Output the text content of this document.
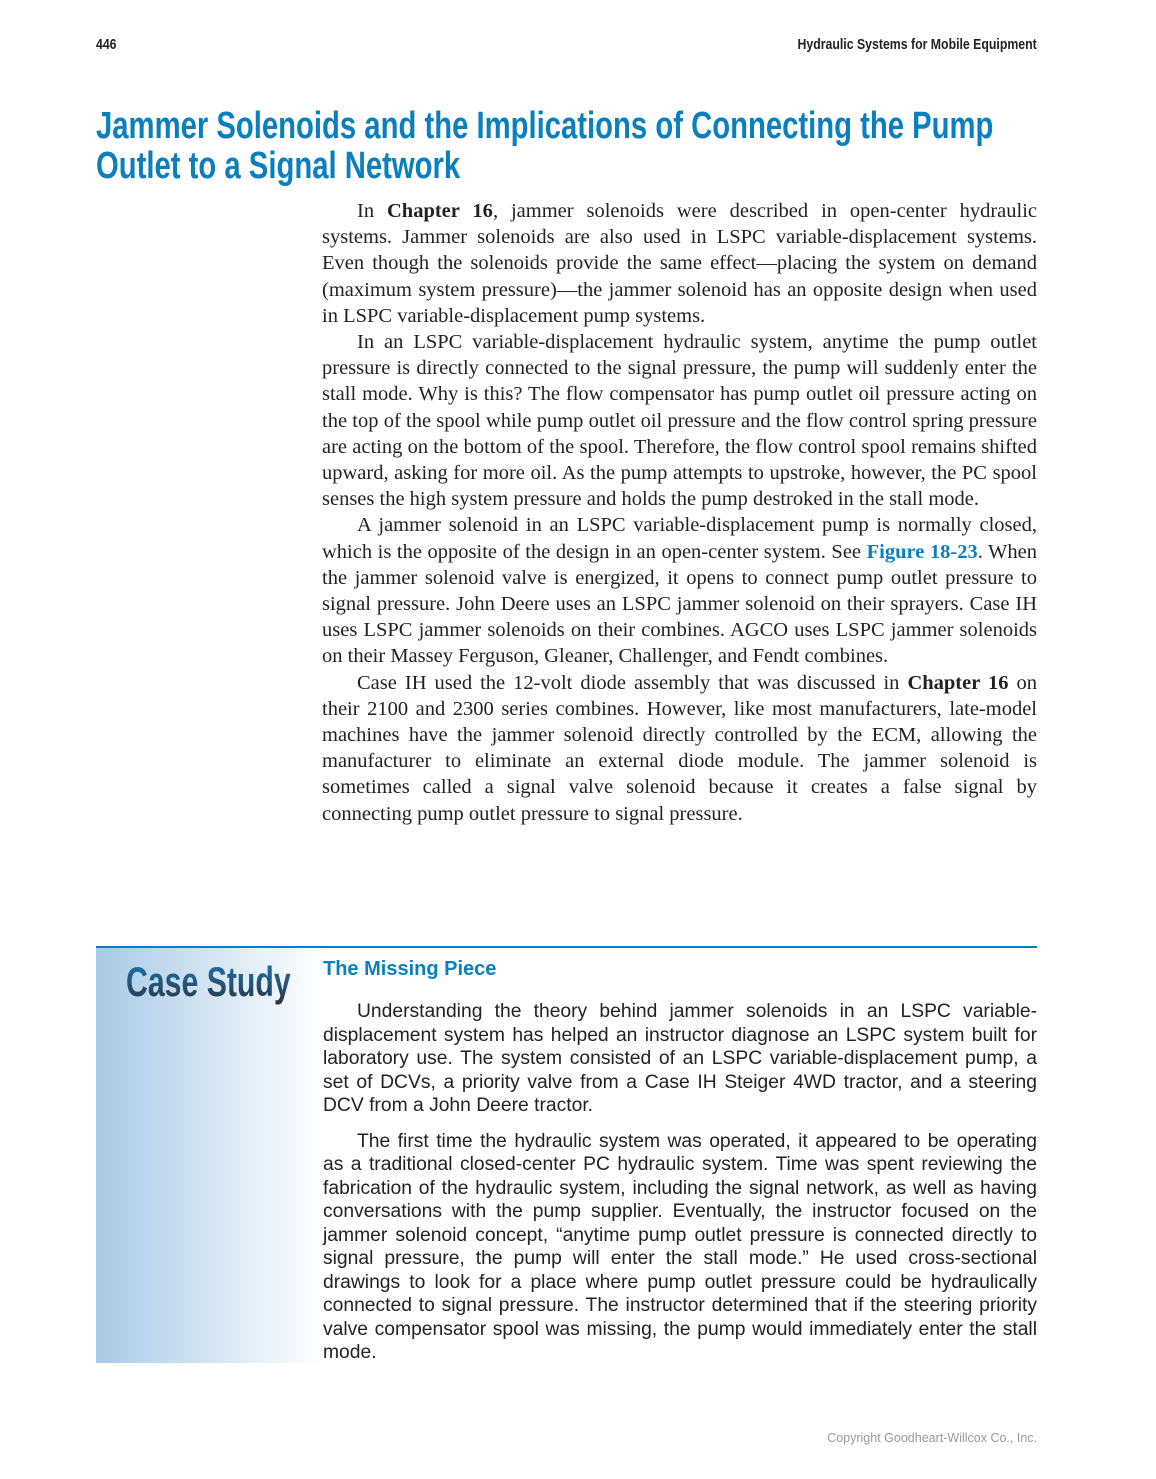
446	Hydraulic Systems for Mobile Equipment
Jammer Solenoids and the Implications of Connecting the Pump
Outlet to a Signal Network

In Chapter 16, jammer solenoids were described in open-center hydraulic systems. Jammer solenoids are also used in LSPC variable-displacement systems. Even though the solenoids provide the same effect—placing the system on demand (maximum system pressure)—the jammer solenoid has an opposite design when used in LSPC variable-displacement pump systems.

In an LSPC variable-displacement hydraulic system, anytime the pump outlet pressure is directly connected to the signal pressure, the pump will suddenly enter the stall mode. Why is this? The flow compensator has pump outlet oil pressure acting on the top of the spool while pump outlet oil pressure and the flow control spring pressure are acting on the bottom of the spool. Therefore, the flow control spool remains shifted upward, asking for more oil. As the pump attempts to upstroke, however, the PC spool senses the high system pressure and holds the pump destroked in the stall mode.

A jammer solenoid in an LSPC variable-displacement pump is normally closed, which is the opposite of the design in an open-center system. See Figure 18-23. When the jammer solenoid valve is energized, it opens to connect pump outlet pressure to signal pressure. John Deere uses an LSPC jammer solenoid on their sprayers. Case IH uses LSPC jammer solenoids on their combines. AGCO uses LSPC jammer solenoids on their Massey Ferguson, Gleaner, Challenger, and Fendt combines.

Case IH used the 12-volt diode assembly that was discussed in Chapter 16 on their 2100 and 2300 series combines. However, like most manufacturers, late-model machines have the jammer solenoid directly controlled by the ECM, allowing the manufacturer to eliminate an external diode module. The jammer solenoid is sometimes called a signal valve solenoid because it creates a false signal by connecting pump outlet pressure to signal pressure.

Case Study The Missing Piece

Understanding the theory behind jammer solenoids in an LSPC variable-displacement system has helped an instructor diagnose an LSPC system built for laboratory use. The system consisted of an LSPC variable-displacement pump, a set of DCVs, a priority valve from a Case IH Steiger 4WD tractor, and a steering DCV from a John Deere tractor.

The first time the hydraulic system was operated, it appeared to be operating as a traditional closed-center PC hydraulic system. Time was spent reviewing the fabrication of the hydraulic system, including the signal network, as well as having conversations with the pump supplier. Eventually, the instructor focused on the jammer solenoid concept, “anytime pump outlet pressure is connected directly to signal pressure, the pump will enter the stall mode.” He used cross-sectional drawings to look for a place where pump outlet pressure could be hydraulically connected to signal pressure. The instructor determined that if the steering priority valve compensator spool was missing, the pump would immediately enter the stall mode.

Copyright Goodheart-Willcox Co., Inc.
